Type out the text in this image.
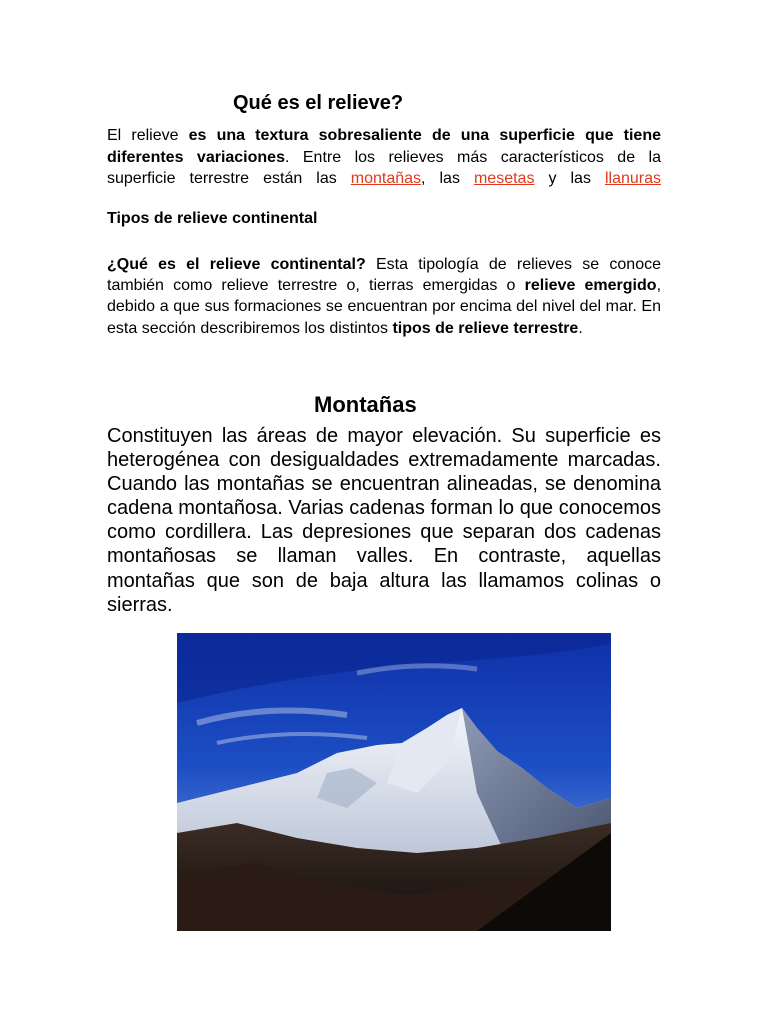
Qué es el relieve?

El relieve es una textura sobresaliente de una superficie que tiene diferentes variaciones. Entre los relieves más característicos de la superficie terrestre están las montañas, las mesetas y las llanuras

Tipos de relieve continental

¿Qué es el relieve continental? Esta tipología de relieves se conoce también como relieve terrestre o, tierras emergidas o relieve emergido, debido a que sus formaciones se encuentran por encima del nivel del mar. En esta sección describiremos los distintos tipos de relieve terrestre.

Montañas

Constituyen las áreas de mayor elevación. Su superficie es heterogénea con desigualdades extremadamente marcadas. Cuando las montañas se encuentran alineadas, se denomina cadena montañosa. Varias cadenas forman lo que conocemos como cordillera. Las depresiones que separan dos cadenas montañosas se llaman valles. En contraste, aquellas montañas que son de baja altura las llamamos colinas o sierras.
